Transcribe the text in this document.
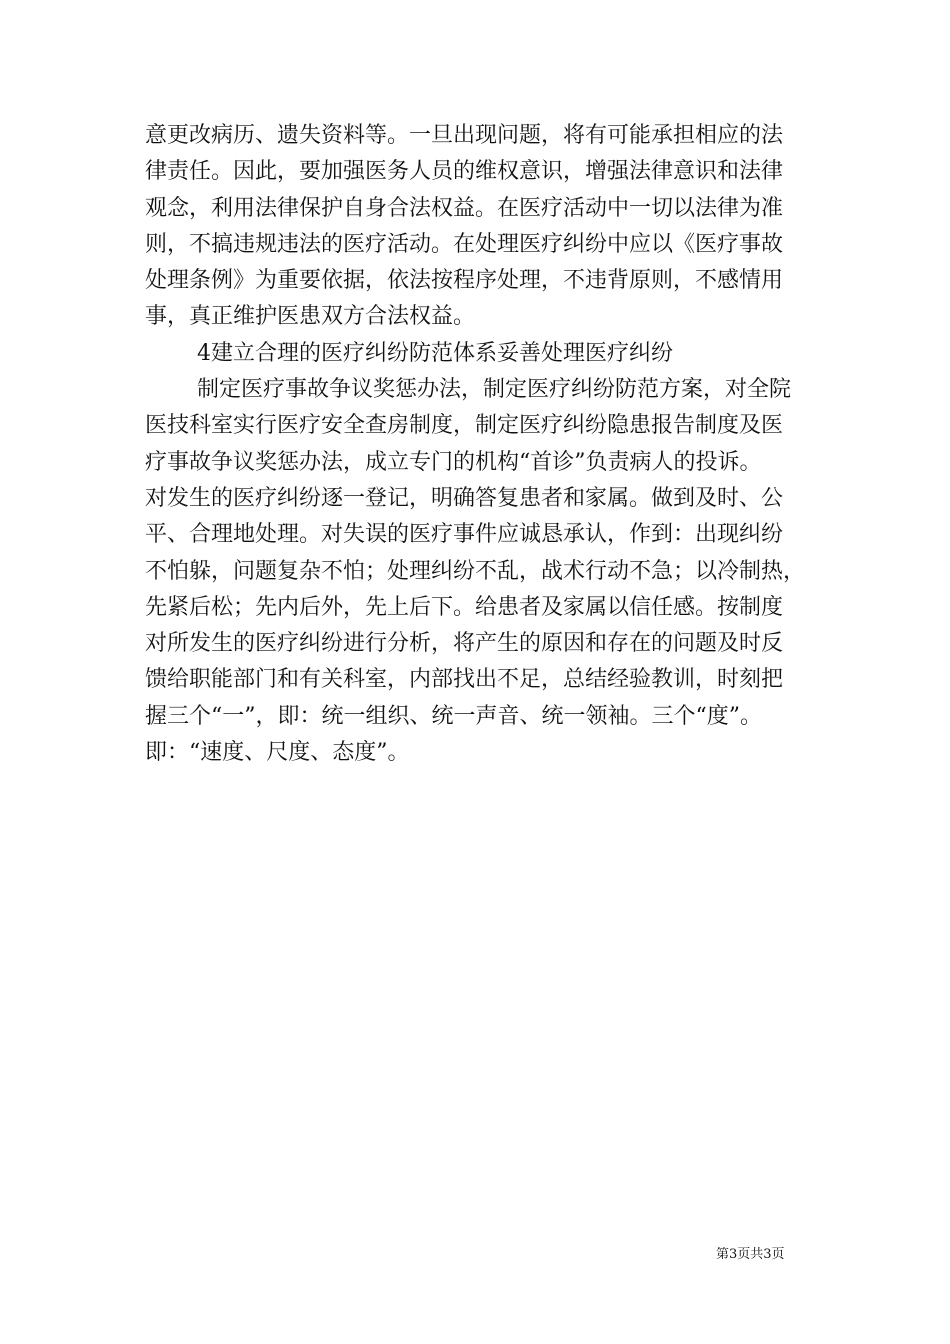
意更改病历、遗失资料等。一旦出现问题，将有可能承担相应的法
律责任。因此，要加强医务人员的维权意识，增强法律意识和法律
观念，利用法律保护自身合法权益。在医疗活动中一切以法律为准
则，不搞违规违法的医疗活动。在处理医疗纠纷中应以《医疗事故
处理条例》为重要依据，依法按程序处理，不违背原则，不感情用
事，真正维护医患双方合法权益。
4建立合理的医疗纠纷防范体系妥善处理医疗纠纷
制定医疗事故争议奖惩办法，制定医疗纠纷防范方案，对全院
医技科室实行医疗安全查房制度，制定医疗纠纷隐患报告制度及医
疗事故争议奖惩办法，成立专门的机构“首诊”负责病人的投诉。
对发生的医疗纠纷逐一登记，明确答复患者和家属。做到及时、公
平、合理地处理。对失误的医疗事件应诚恳承认，作到：出现纠纷
不怕躲，问题复杂不怕；处理纠纷不乱，战术行动不急；以冷制热，
先紧后松；先内后外，先上后下。给患者及家属以信任感。按制度
对所发生的医疗纠纷进行分析，将产生的原因和存在的问题及时反
馈给职能部门和有关科室，内部找出不足，总结经验教训，时刻把
握三个“一”，即：统一组织、统一声音、统一领袖。三个“度”。
即：“速度、尺度、态度”。
第3页共3页
